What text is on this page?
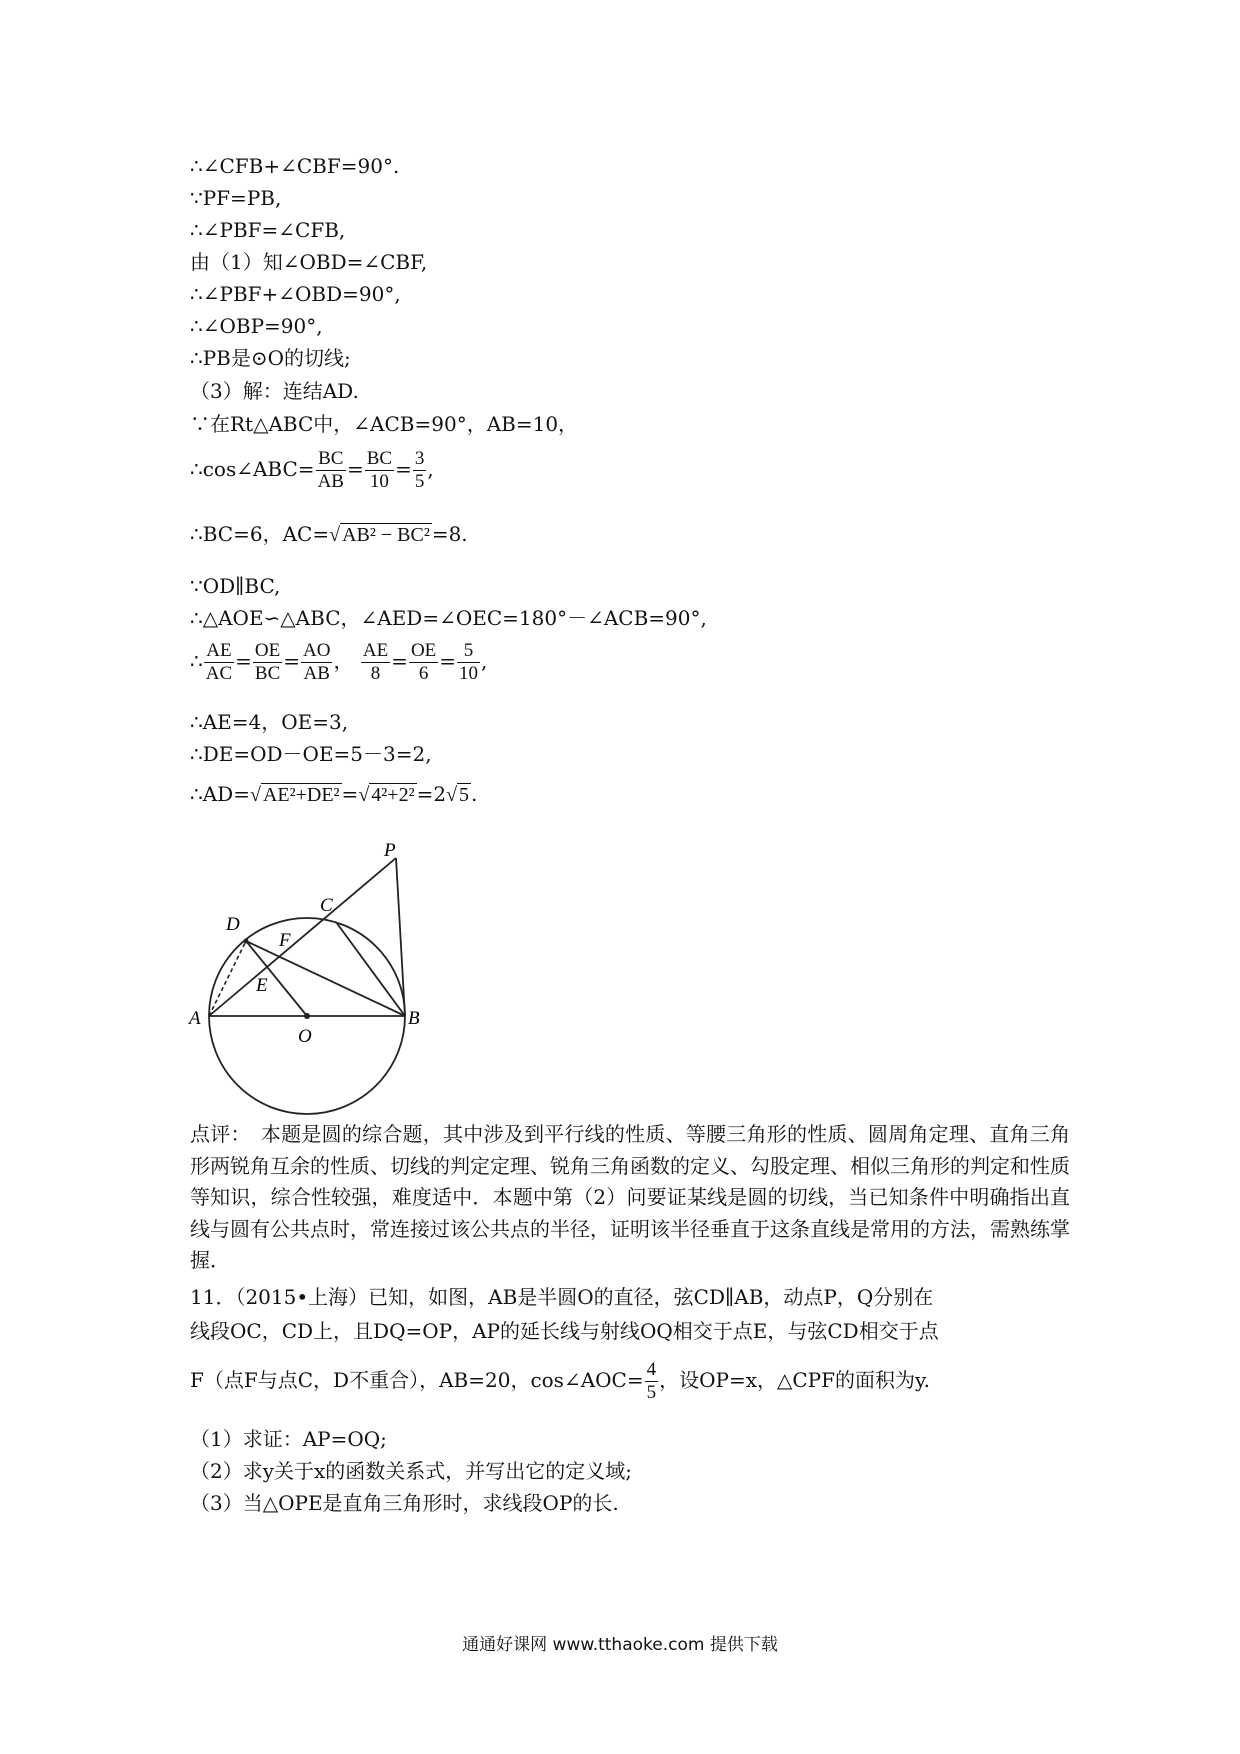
∴∠CFB+∠CBF=90°.
∵PF=PB,
∴∠PBF=∠CFB,
由（1）知∠OBD=∠CBF,
∴∠PBF+∠OBD=90°,
∴∠OBP=90°,
∴PB是⊙O的切线;
（3）解：连结AD.
∵在Rt△ABC中，∠ACB=90°，AB=10，
∴cos∠ABC= $\frac{BC}{AB} = \frac{BC}{10} = \frac{3}{5}$ ,
∴BC=6，AC=√ AB² − BC² =8.
∵OD∥BC,
∴△AOE∽△ABC，∠AED=∠OEC=180°－∠ACB=90°,
∴ $\frac{AE}{AC} = \frac{OE}{BC} = \frac{AO}{AB}$ ， $\frac{AE}{8} = \frac{OE}{6} = \frac{5}{10}$ ,
∴AE=4，OE=3,
∴DE=OD－OE=5－3=2,
∴AD=√ AE²+DE² =√ 4²+2² =2√ 5 .
P
C
D
F
E
A
O
B
点评：　本题是圆的综合题，其中涉及到平行线的性质、等腰三角形的性质、圆周角定理、直角三角形两锐角互余的性质、切线的判定定理、锐角三角函数的定义、勾股定理、相似三角形的判定和性质等知识，综合性较强，难度适中．本题中第（2）问要证某线是圆的切线，当已知条件中明确指出直线与圆有公共点时，常连接过该公共点的半径，证明该半径垂直于这条直线是常用的方法，需熟练掌握．
11．（2015•上海）已知，如图，AB是半圆O的直径，弦CD∥AB，动点P，Q分别在
线段OC，CD上，且DQ=OP，AP的延长线与射线OQ相交于点E，与弦CD相交于点
F（点F与点C，D不重合），AB=20，cos∠AOC= $\frac{4}{5}$ ，设OP=x，△CPF的面积为y.
（1）求证：AP=OQ;
（2）求y关于x的函数关系式，并写出它的定义域;
（3）当△OPE是直角三角形时，求线段OP的长.
通通好课网 www.tthaoke.com 提供下载
